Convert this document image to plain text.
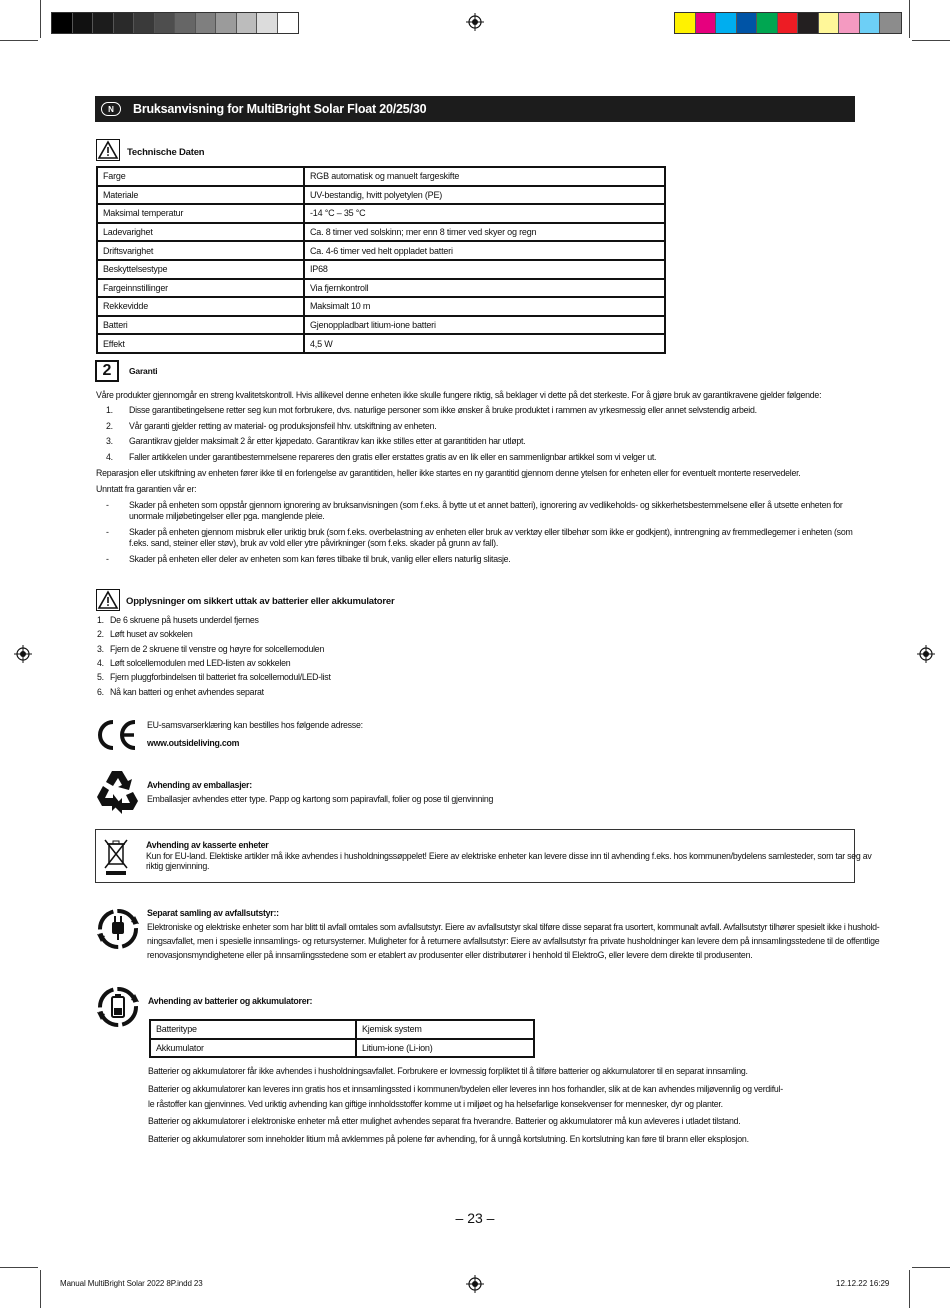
N	Bruksanvisning for MultiBright Solar Float 20/25/30
Technische Daten
Farge	RGB automatisk og manuelt fargeskifte
Materiale	UV-bestandig, hvitt polyetylen (PE)
Maksimal temperatur	-14 °C – 35 °C
Ladevarighet	Ca. 8 timer ved solskinn; mer enn 8 timer ved skyer og regn
Driftsvarighet	Ca. 4-6 timer ved helt oppladet batteri
Beskyttelsestype	IP68
Fargeinnstillinger	Via fjernkontroll
Rekkevidde	Maksimalt 10 m
Batteri	Gjenoppladbart litium-ione batteri
Effekt	4,5 W
2	Garanti
Våre produkter gjennomgår en streng kvalitetskontroll. Hvis allikevel denne enheten ikke skulle fungere riktig, så beklager vi dette på det sterkeste. For å gjøre bruk av garantikravene gjelder følgende:
1. Disse garantibetingelsene retter seg kun mot forbrukere, dvs. naturlige personer som ikke ønsker å bruke produktet i rammen av yrkesmessig eller annet selvstendig arbeid.
2. Vår garanti gjelder retting av material- og produksjonsfeil hhv. utskiftning av enheten.
3. Garantikrav gjelder maksimalt 2 år etter kjøpedato. Garantikrav kan ikke stilles etter at garantitiden har utløpt.
4. Faller artikkelen under garantibestemmelsene repareres den gratis eller erstattes gratis av en lik eller en sammenlignbar artikkel som vi velger ut.
Reparasjon eller utskiftning av enheten fører ikke til en forlengelse av garantitiden, heller ikke startes en ny garantitid gjennom denne ytelsen for enheten eller for eventuelt monterte reservedeler.
Unntatt fra garantien vår er:
- Skader på enheten som oppstår gjennom ignorering av bruksanvisningen (som f.eks. å bytte ut et annet batteri), ignorering av vedlikeholds- og sikkerhetsbestemmelsene eller å utsette enheten for
unormale miljøbetingelser eller pga. manglende pleie.
- Skader på enheten gjennom misbruk eller uriktig bruk (som f.eks. overbelastning av enheten eller bruk av verktøy eller tilbehør som ikke er godkjent), inntrengning av fremmedlegemer i enheten (som
f.eks. sand, steiner eller støv), bruk av vold eller ytre påvirkninger (som f.eks. skader på grunn av fall).
- Skader på enheten eller deler av enheten som kan føres tilbake til bruk, vanlig eller ellers naturlig slitasje.
Opplysninger om sikkert uttak av batterier eller akkumulatorer
1. De 6 skruene på husets underdel fjernes
2. Løft huset av sokkelen
3. Fjern de 2 skruene til venstre og høyre for solcellemodulen
4. Løft solcellemodulen med LED-listen av sokkelen
5. Fjern pluggforbindelsen til batteriet fra solcellemodul/LED-list
6. Nå kan batteri og enhet avhendes separat
EU-samsvarserklæring kan bestilles hos følgende adresse:
www.outsideliving.com
Avhending av emballasjer:
Emballasjer avhendes etter type. Papp og kartong som papiravfall, folier og pose til gjenvinning
Avhending av kasserte enheter
Kun for EU-land. Elektiske artikler må ikke avhendes i husholdningssøppelet! Eiere av elektriske enheter kan levere disse inn til avhending f.eks. hos kommunen/bydelens samlesteder, som tar seg av
riktig gjenvinning.
Separat samling av avfallsutstyr::
Elektroniske og elektriske enheter som har blitt til avfall omtales som avfallsutstyr. Eiere av avfallsutstyr skal tilføre disse separat fra usortert, kommunalt avfall. Avfallsutstyr tilhører spesielt ikke i hushold-
ningsavfallet, men i spesielle innsamlings- og retursystemer. Muligheter for å returnere avfallsutstyr: Eiere av avfallsutstyr fra private husholdninger kan levere dem på innsamlingsstedene til de offentlige
renovasjonsmyndighetene eller på innsamlingsstedene som er etablert av produsenter eller distributører i henhold til ElektroG, eller levere dem direkte til produsenten.
Avhending av batterier og akkumulatorer:
Batteritype	Kjemisk system
Akkumulator	Litium-ione (Li-ion)
Batterier og akkumulatorer får ikke avhendes i husholdningsavfallet. Forbrukere er lovmessig forpliktet til å tilføre batterier og akkumulatorer til en separat innsamling.
Batterier og akkumulatorer kan leveres inn gratis hos et innsamlingssted i kommunen/bydelen eller leveres inn hos forhandler, slik at de kan avhendes miljøvennlig og verdiful-
le råstoffer kan gjenvinnes. Ved uriktig avhending kan giftige innholdsstoffer komme ut i miljøet og ha helsefarlige konsekvenser for mennesker, dyr og planter.
Batterier og akkumulatorer i elektroniske enheter må etter mulighet avhendes separat fra hverandre. Batterier og akkumulatorer må kun avleveres i utladet tilstand.
Batterier og akkumulatorer som inneholder litium må avklemmes på polene før avhending, for å unngå kortslutning. En kortslutning kan føre til brann eller eksplosjon.
– 23 –
Manual MultiBright Solar 2022 8P.indd 23	12.12.22 16:29
